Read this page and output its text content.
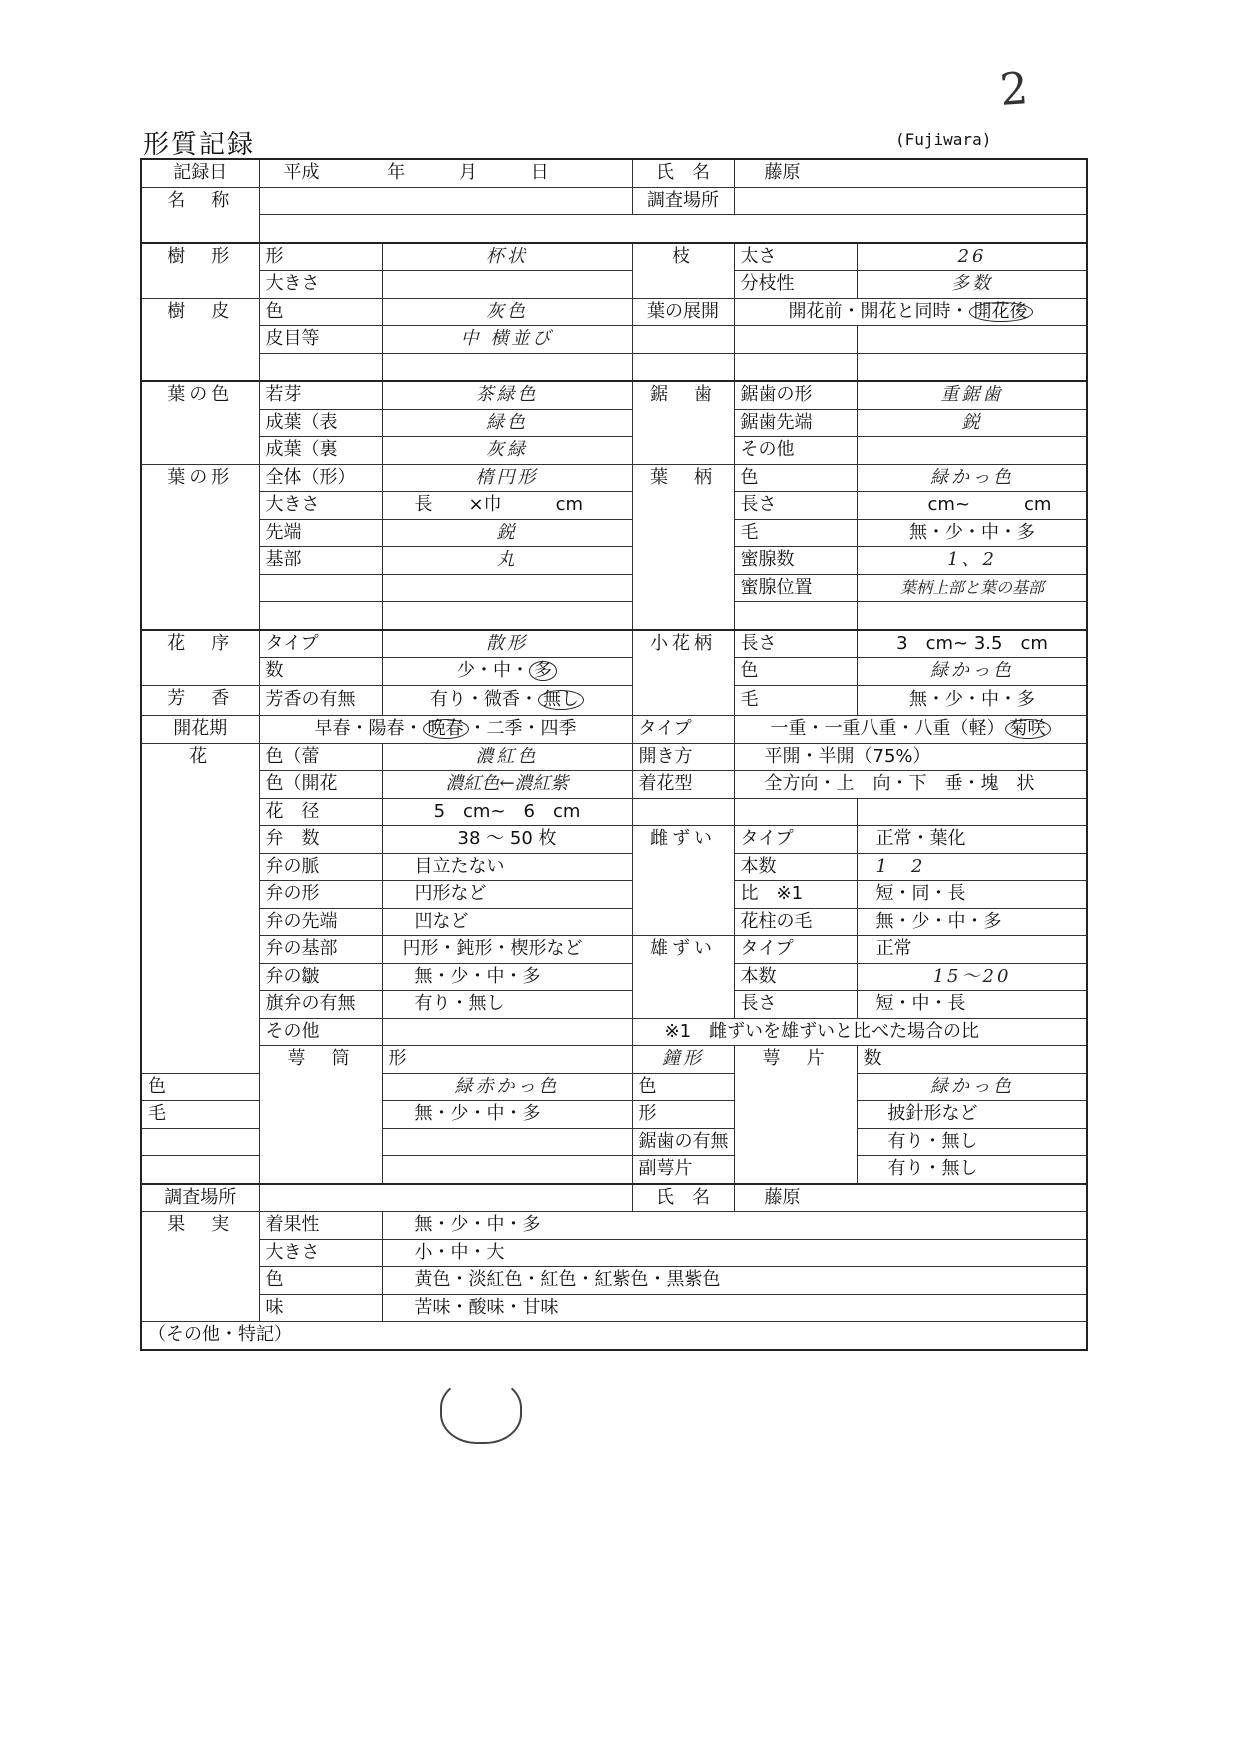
2
形質記録	(Fujiwara)
記録日	平成 年 月 日		氏　名	藤原		
名　称			調査場所			

樹　形	形	杯状	枝	太さ	26	
	大きさ			分枝性	多数	
樹　皮	色	灰色	葉の展開	開花前・開花と同時・ 開花後		
	皮目等	中 横並び				

葉の色	若芽	茶緑色	鋸　歯	鋸歯の形	重鋸歯	
	成葉（表	緑色		鋸歯先端	鋭	
	成葉（裏	灰緑		その他		
葉の形	全体（形）	楕円形	葉　柄	色	緑かっ色	
	大きさ	長　　×巾　　　cm		長さ	cm~　　　cm	
	先端	鋭		毛	無・少・中・多	
	基部	丸		蜜腺数	1、2	
				蜜腺位置	葉柄上部と葉の基部	

花　序	タイプ	散形	小花柄	長さ	3　cm~ 3.5　cm	
	数	少・中・ 多		色	緑かっ色	
芳　香	芳香の有無	有り・微香・ 無し		毛	無・少・中・多	
開花期	早春・陽春・ 晩春 ・二季・四季		タイプ	一重・一重八重・八重（軽） 菊咲		
花	色（蕾	濃紅色	開き方	平開・半開（75%）		
	色（開花	濃紅色←濃紅紫	着花型	全方向・上　向・下　垂・塊　状		
	花　径	5　cm~　6　cm				
	弁　数	38 ～ 50 枚	雌ずい	タイプ	正常・葉化	
	弁の脈	目立たない		本数	1　2	
	弁の形	円形など		比　※1	短・同・長	
	弁の先端	凹など		花柱の毛	無・少・中・多	
	弁の基部	円形・鈍形・楔形など	雄ずい	タイプ	正常	
	弁の皺	無・少・中・多		本数	15～20	
	旗弁の有無	有り・無し		長さ	短・中・長	
	その他		※1　雌ずいを雄ずいと比べた場合の比			
	萼　筒	形	鐘形	萼　片	数	
色		緑赤かっ色	色		緑かっ色	
毛		無・少・中・多	形		披針形など	
			鋸歯の有無		有り・無し	
			副萼片		有り・無し	
調査場所			氏　名	藤原		
果　実	着果性	無・少・中・多				
	大きさ	小・中・大				
	色	黄色・淡紅色・紅色・紅紫色・黒紫色				
	味	苦味・酸味・甘味				
（その他・特記）						
